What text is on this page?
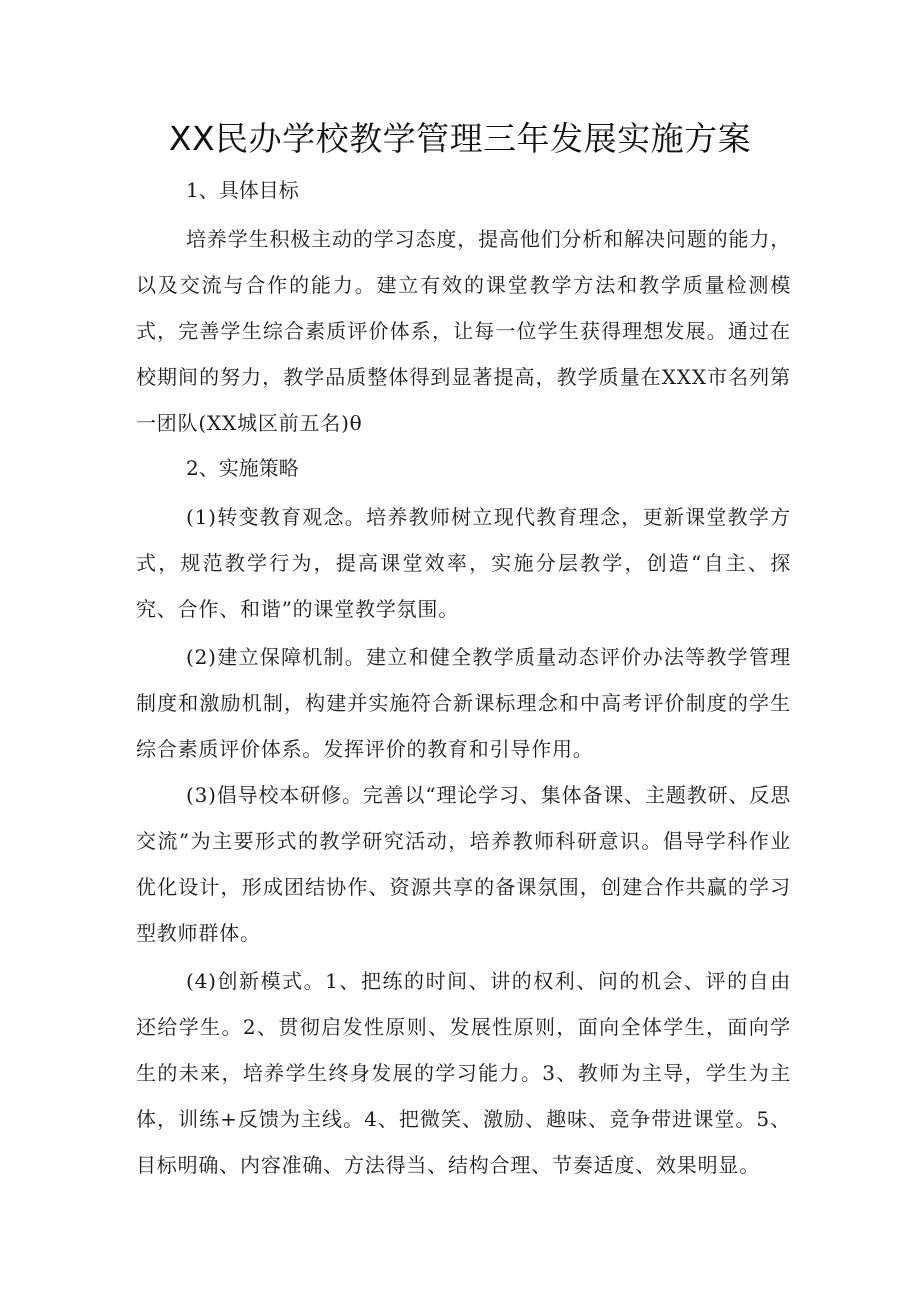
XX民办学校教学管理三年发展实施方案
1、具体目标
培养学生积极主动的学习态度，提高他们分析和解决问题的能力，以及交流与合作的能力。建立有效的课堂教学方法和教学质量检测模式，完善学生综合素质评价体系，让每一位学生获得理想发展。通过在校期间的努力，教学品质整体得到显著提高，教学质量在XXX市名列第一团队(XX城区前五名)θ
2、实施策略
(1)转变教育观念。培养教师树立现代教育理念，更新课堂教学方式，规范教学行为，提高课堂效率，实施分层教学，创造“自主、探究、合作、和谐”的课堂教学氛围。
(2)建立保障机制。建立和健全教学质量动态评价办法等教学管理制度和激励机制，构建并实施符合新课标理念和中高考评价制度的学生综合素质评价体系。发挥评价的教育和引导作用。
(3)倡导校本研修。完善以“理论学习、集体备课、主题教研、反思交流”为主要形式的教学研究活动，培养教师科研意识。倡导学科作业优化设计，形成团结协作、资源共享的备课氛围，创建合作共赢的学习型教师群体。
(4)创新模式。1、把练的时间、讲的权利、问的机会、评的自由还给学生。2、贯彻启发性原则、发展性原则，面向全体学生，面向学生的未来，培养学生终身发展的学习能力。3、教师为主导，学生为主体，训练+反馈为主线。4、把微笑、激励、趣味、竞争带进课堂。5、目标明确、内容准确、方法得当、结构合理、节奏适度、效果明显。
